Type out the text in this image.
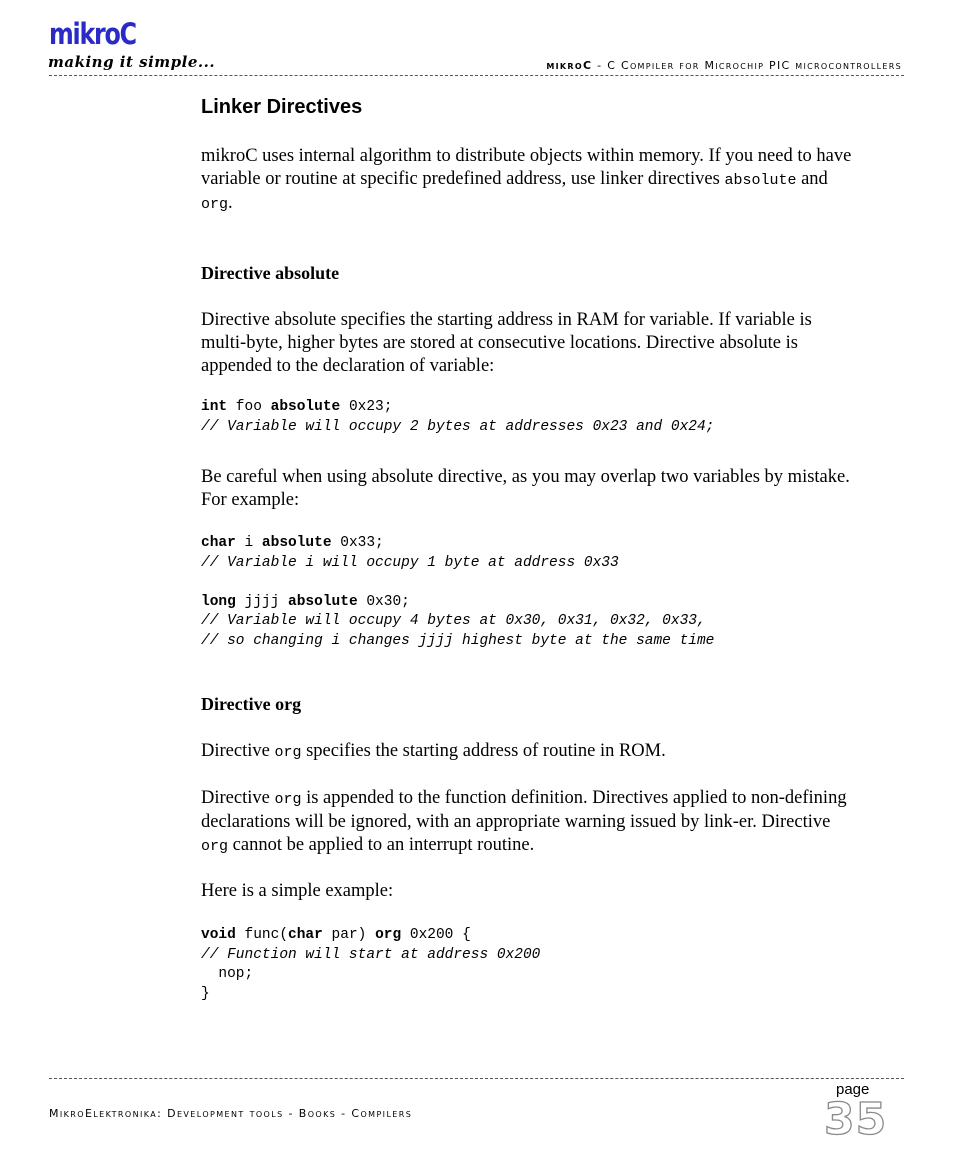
mikroC
making it simple...	mikroC - C Compiler for Microchip PIC microcontrollers
Linker Directives
mikroC uses internal algorithm to distribute objects within memory. If you need to have variable or routine at specific predefined address, use linker directives absolute and org.
Directive absolute
Directive absolute specifies the starting address in RAM for variable. If variable is multi-byte, higher bytes are stored at consecutive locations. Directive absolute is appended to the declaration of variable:
int foo absolute 0x23;
// Variable will occupy 2 bytes at addresses 0x23 and 0x24;
Be careful when using absolute directive, as you may overlap two variables by mistake. For example:
char i absolute 0x33;
// Variable i will occupy 1 byte at address 0x33

long jjjj absolute 0x30;
// Variable will occupy 4 bytes at 0x30, 0x31, 0x32, 0x33,
// so changing i changes jjjj highest byte at the same time
Directive org
Directive org specifies the starting address of routine in ROM.
Directive org is appended to the function definition. Directives applied to non-defining declarations will be ignored, with an appropriate warning issued by link-er. Directive org cannot be applied to an interrupt routine.
Here is a simple example:
void func(char par) org 0x200 {
// Function will start at address 0x200
nop;
}
MikroElektronika: Development tools - Books - Compilers
page
35
